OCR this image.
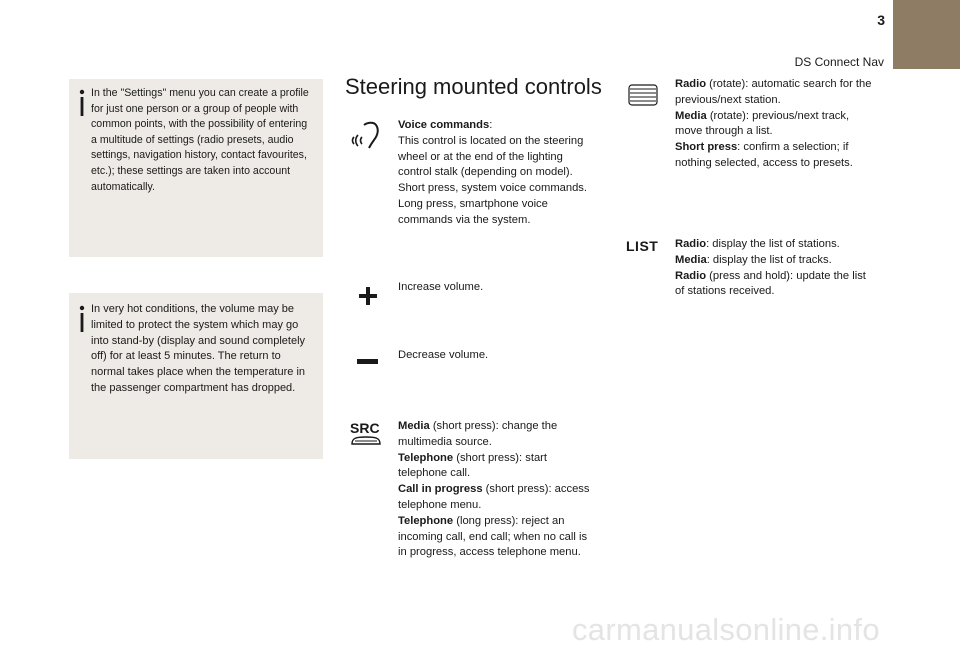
3
DS Connect Nav
In the "Settings" menu you can create a profile for just one person or a group of people with common points, with the possibility of entering a multitude of settings (radio presets, audio settings, navigation history, contact favourites, etc.); these settings are taken into account automatically.
In very hot conditions, the volume may be limited to protect the system which may go into stand-by (display and sound completely off) for at least 5 minutes. The return to normal takes place when the temperature in the passenger compartment has dropped.
Steering mounted controls
Voice commands:
This control is located on the steering wheel or at the end of the lighting control stalk (depending on model).
Short press, system voice commands.
Long press, smartphone voice commands via the system.
Increase volume.
Decrease volume.
SRC Media (short press): change the multimedia source.
Telephone (short press): start telephone call.
Call in progress (short press): access telephone menu.
Telephone (long press): reject an incoming call, end call; when no call is in progress, access telephone menu.
Radio (rotate): automatic search for the previous/next station.
Media (rotate): previous/next track, move through a list.
Short press: confirm a selection; if nothing selected, access to presets.
LIST Radio: display the list of stations.
Media: display the list of tracks.
Radio (press and hold): update the list of stations received.
carmanualsonline.info
